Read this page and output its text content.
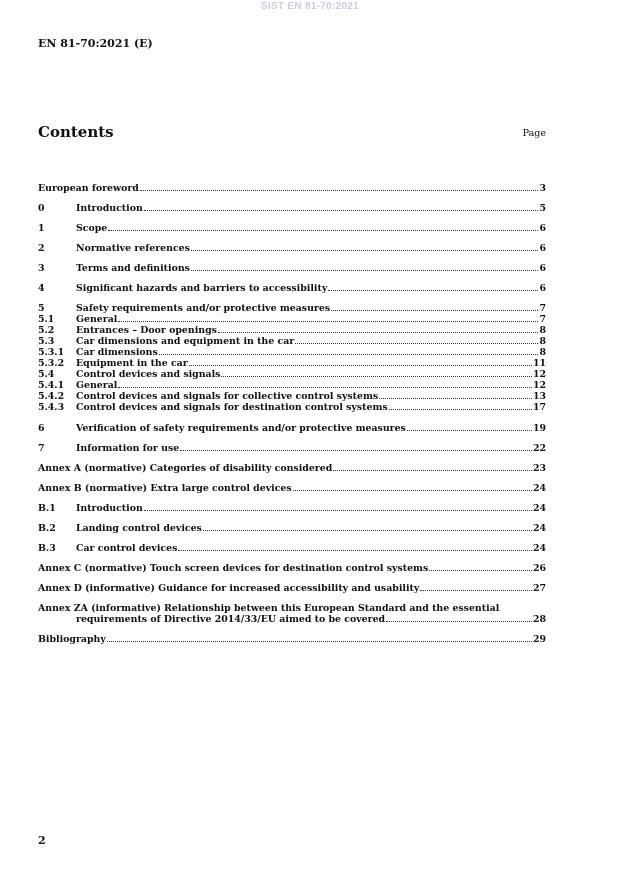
SIST EN 81-70:2021
EN 81-70:2021 (E)
Contents	Page
European foreword	3
0	Introduction	5
1	Scope	6
2	Normative references	6
3	Terms and definitions	6
4	Significant hazards and barriers to accessibility	6
5	Safety requirements and/or protective measures	7
5.1	General	7
5.2	Entrances – Door openings	8
5.3	Car dimensions and equipment in the car	8
5.3.1	Car dimensions	8
5.3.2	Equipment in the car	11
5.4	Control devices and signals	12
5.4.1	General	12
5.4.2	Control devices and signals for collective control systems	13
5.4.3	Control devices and signals for destination control systems	17
6	Verification of safety requirements and/or protective measures	19
7	Information for use	22
Annex A (normative) Categories of disability considered	23
Annex B (normative) Extra large control devices	24
B.1	Introduction	24
B.2	Landing control devices	24
B.3	Car control devices	24
Annex C (normative) Touch screen devices for destination control systems	26
Annex D (informative) Guidance for increased accessibility and usability	27
Annex ZA (informative) Relationship between this European Standard and the essential
requirements of Directive 2014/33/EU aimed to be covered	28
Bibliography	29
2
